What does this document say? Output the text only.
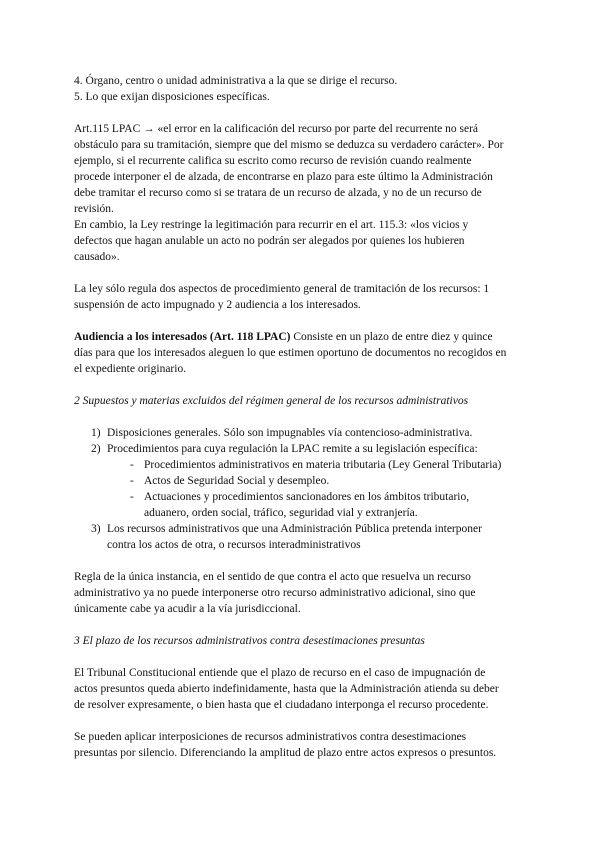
4. Órgano, centro o unidad administrativa a la que se dirige el recurso.
5. Lo que exijan disposiciones específicas.
Art.115 LPAC → «el error en la calificación del recurso por parte del recurrente no será
obstáculo para su tramitación, siempre que del mismo se deduzca su verdadero carácter». Por
ejemplo, si el recurrente califica su escrito como recurso de revisión cuando realmente
procede interponer el de alzada, de encontrarse en plazo para este último la Administración
debe tramitar el recurso como si se tratara de un recurso de alzada, y no de un recurso de
revisión.
En cambio, la Ley restringe la legitimación para recurrir en el art. 115.3: «los vicios y
defectos que hagan anulable un acto no podrán ser alegados por quienes los hubieren
causado».
La ley sólo regula dos aspectos de procedimiento general de tramitación de los recursos: 1
suspensión de acto impugnado y 2 audiencia a los interesados.
Audiencia a los interesados (Art. 118 LPAC) Consiste en un plazo de entre diez y quince
días para que los interesados aleguen lo que estimen oportuno de documentos no recogidos en
el expediente originario.
2 Supuestos y materias excluidos del régimen general de los recursos administrativos
1) Disposiciones generales. Sólo son impugnables vía contencioso-administrativa.
2) Procedimientos para cuya regulación la LPAC remite a su legislación específica:
- Procedimientos administrativos en materia tributaria (Ley General Tributaria)
- Actos de Seguridad Social y desempleo.
- Actuaciones y procedimientos sancionadores en los ámbitos tributario,
aduanero, orden social, tráfico, seguridad vial y extranjería.
3) Los recursos administrativos que una Administración Pública pretenda interponer
contra los actos de otra, o recursos interadministrativos
Regla de la única instancia, en el sentido de que contra el acto que resuelva un recurso
administrativo ya no puede interponerse otro recurso administrativo adicional, sino que
únicamente cabe ya acudir a la vía jurisdiccional.
3 El plazo de los recursos administrativos contra desestimaciones presuntas
El Tribunal Constitucional entiende que el plazo de recurso en el caso de impugnación de
actos presuntos queda abierto indefinidamente, hasta que la Administración atienda su deber
de resolver expresamente, o bien hasta que el ciudadano interponga el recurso procedente.
Se pueden aplicar interposiciones de recursos administrativos contra desestimaciones
presuntas por silencio. Diferenciando la amplitud de plazo entre actos expresos o presuntos.
